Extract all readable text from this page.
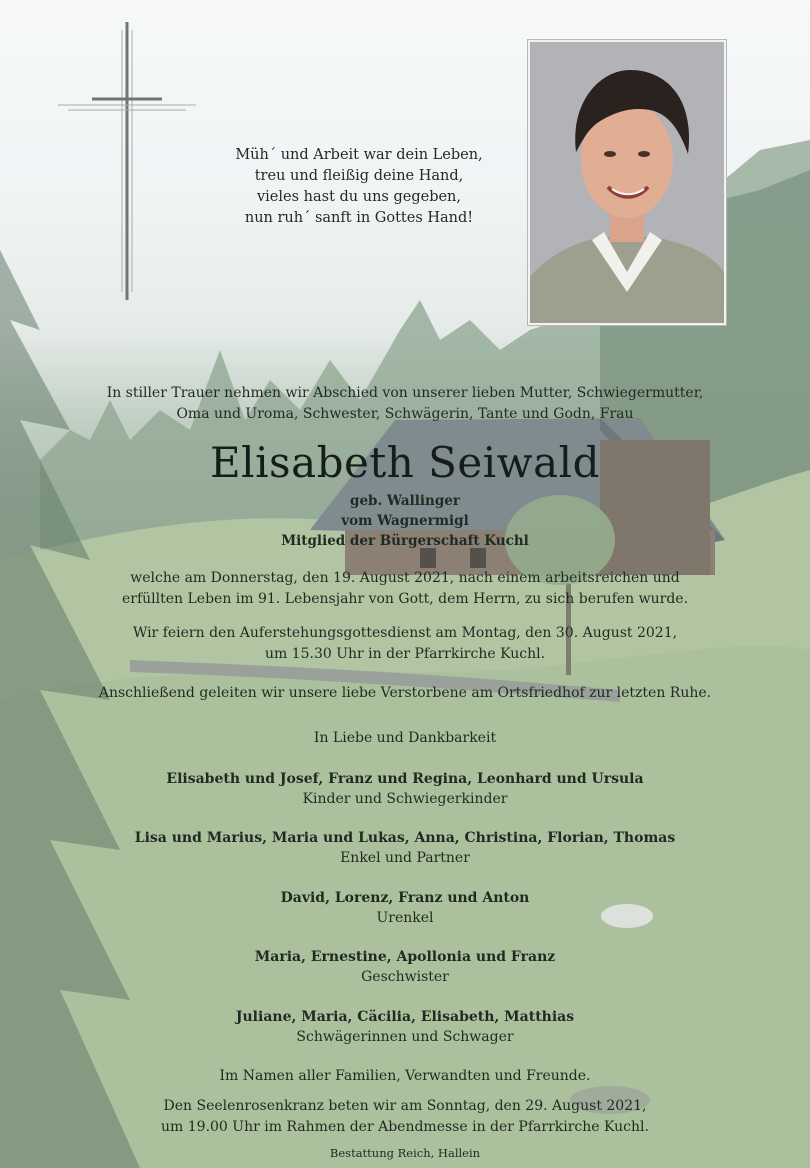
Müh´ und Arbeit war dein Leben,
treu und fleißig deine Hand,
vieles hast du uns gegeben,
nun ruh´ sanft in Gottes Hand!
In stiller Trauer nehmen wir Abschied von unserer lieben Mutter, Schwiegermutter,
Oma und Uroma, Schwester, Schwägerin, Tante und Godn, Frau
Elisabeth Seiwald
geb. Wallinger
vom Wagnermigl
Mitglied der Bürgerschaft Kuchl
welche am Donnerstag, den 19. August 2021, nach einem arbeitsreichen und
erfüllten Leben im 91. Lebensjahr von Gott, dem Herrn, zu sich berufen wurde.
Wir feiern den Auferstehungsgottesdienst am Montag, den 30. August 2021,
um 15.30 Uhr in der Pfarrkirche Kuchl.
Anschließend geleiten wir unsere liebe Verstorbene am Ortsfriedhof zur letzten Ruhe.
In Liebe und Dankbarkeit
Elisabeth und Josef, Franz und Regina, Leonhard und Ursula
Kinder und Schwiegerkinder
Lisa und Marius, Maria und Lukas, Anna, Christina, Florian, Thomas
Enkel und Partner
David, Lorenz, Franz und Anton
Urenkel
Maria, Ernestine, Apollonia und Franz
Geschwister
Juliane, Maria, Cäcilia, Elisabeth, Matthias
Schwägerinnen und Schwager
Im Namen aller Familien, Verwandten und Freunde.
Den Seelenrosenkranz beten wir am Sonntag, den 29. August 2021,
um 19.00 Uhr im Rahmen der Abendmesse in der Pfarrkirche Kuchl.
Bestattung Reich, Hallein
